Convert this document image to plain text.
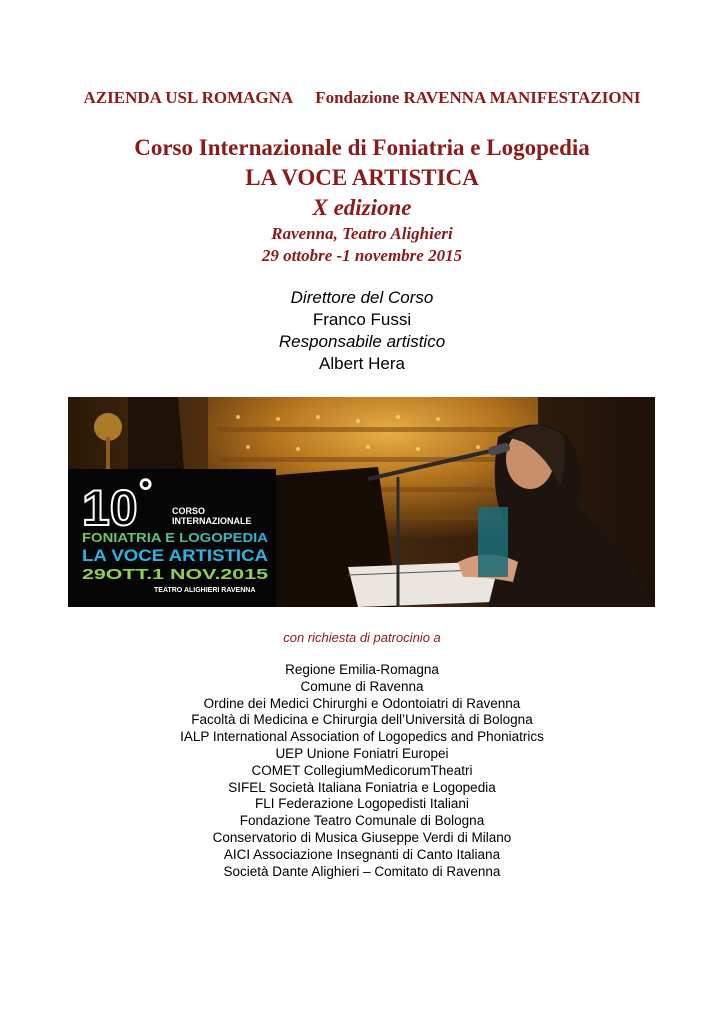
AZIENDA USL ROMAGNA Fondazione RAVENNA MANIFESTAZIONI
Corso Internazionale di Foniatria e Logopedia
LA VOCE ARTISTICA
X edizione
Ravenna, Teatro Alighieri
29 ottobre -1 novembre 2015
Direttore del Corso
Franco Fussi
Responsabile artistico
Albert Hera
10 ° CORSO
INTERNAZIONALE
FONIATRIA E LOGOPEDIA
LA VOCE ARTISTICA
29OTT.1 NOV.2015
TEATRO ALIGHIERI RAVENNA
con richiesta di patrocinio a
Regione Emilia-Romagna
Comune di Ravenna
Ordine dei Medici Chirurghi e Odontoiatri di Ravenna
Facoltà di Medicina e Chirurgia dell’Università di Bologna
IALP International Association of Logopedics and Phoniatrics
UEP Unione Foniatri Europei
COMET CollegiumMedicorumTheatri
SIFEL Società Italiana Foniatria e Logopedia
FLI Federazione Logopedisti Italiani
Fondazione Teatro Comunale di Bologna
Conservatorio di Musica Giuseppe Verdi di Milano
AICI Associazione Insegnanti di Canto Italiana
Società Dante Alighieri – Comitato di Ravenna
